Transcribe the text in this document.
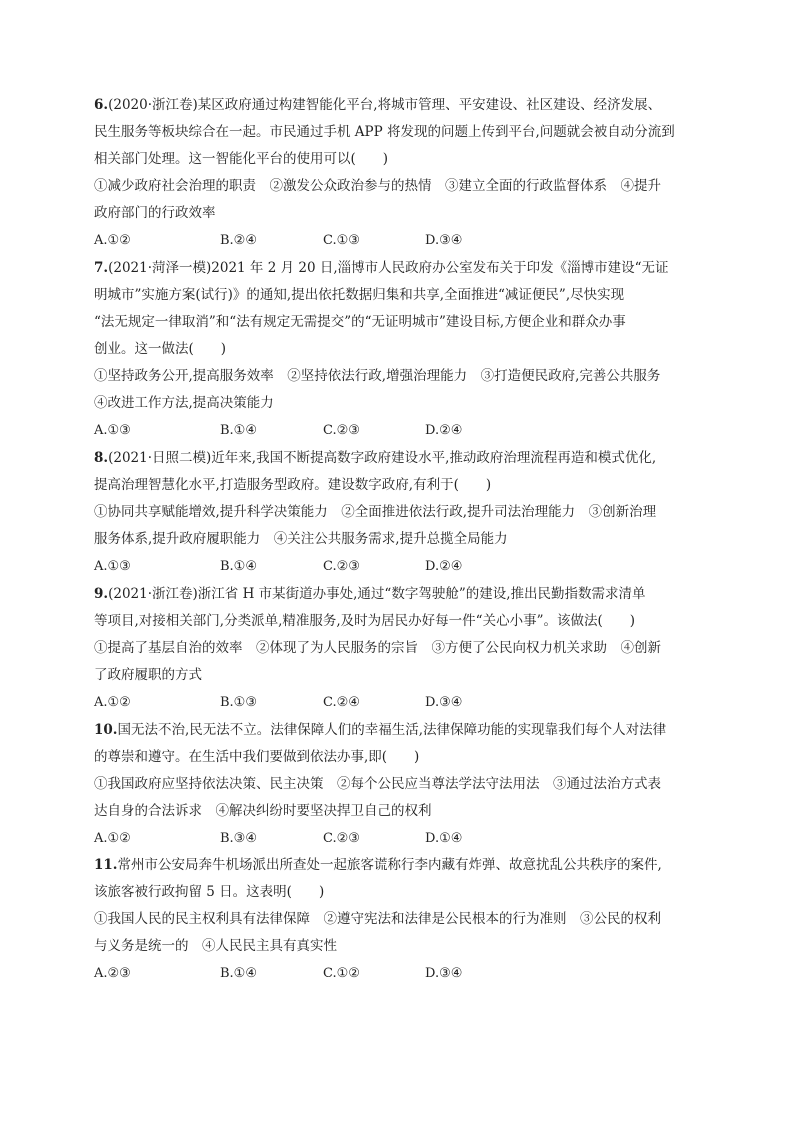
6.(2020·浙江卷)某区政府通过构建智能化平台,将城市管理、平安建设、社区建设、经济发展、
民生服务等板块综合在一起。市民通过手机 APP 将发现的问题上传到平台,问题就会被自动分流到
相关部门处理。这一智能化平台的使用可以(　　)
①减少政府社会治理的职责　②激发公众政治参与的热情　③建立全面的行政监督体系　④提升
政府部门的行政效率
A.①②	B.②④	C.①③	D.③④
7.(2021·菏泽一模)2021 年 2 月 20 日,淄博市人民政府办公室发布关于印发《淄博市建设“无证
明城市”实施方案(试行)》的通知,提出依托数据归集和共享,全面推进“减证便民”,尽快实现
“法无规定一律取消”和“法有规定无需提交”的“无证明城市”建设目标,方便企业和群众办事
创业。这一做法(　　)
①坚持政务公开,提高服务效率　②坚持依法行政,增强治理能力　③打造便民政府,完善公共服务
④改进工作方法,提高决策能力
A.①③	B.①④	C.②③	D.②④
8.(2021·日照二模)近年来,我国不断提高数字政府建设水平,推动政府治理流程再造和模式优化,
提高治理智慧化水平,打造服务型政府。建设数字政府,有利于(　　)
①协同共享赋能增效,提升科学决策能力　②全面推进依法行政,提升司法治理能力　③创新治理
服务体系,提升政府履职能力　④关注公共服务需求,提升总揽全局能力
A.①③	B.①④	C.②③	D.②④
9.(2021·浙江卷)浙江省 H 市某街道办事处,通过“数字驾驶舱”的建设,推出民勤指数需求清单
等项目,对接相关部门,分类派单,精准服务,及时为居民办好每一件“关心小事”。该做法(　　)
①提高了基层自治的效率　②体现了为人民服务的宗旨　③方便了公民向权力机关求助　④创新
了政府履职的方式
A.①②	B.①③	C.②④	D.③④
10.国无法不治,民无法不立。法律保障人们的幸福生活,法律保障功能的实现靠我们每个人对法律
的尊崇和遵守。在生活中我们要做到依法办事,即(　　)
①我国政府应坚持依法决策、民主决策　②每个公民应当尊法学法守法用法　③通过法治方式表
达自身的合法诉求　④解决纠纷时要坚决捍卫自己的权利
A.①②	B.③④	C.②③	D.①④
11.常州市公安局奔牛机场派出所查处一起旅客谎称行李内藏有炸弹、故意扰乱公共秩序的案件,
该旅客被行政拘留 5 日。这表明(　　)
①我国人民的民主权利具有法律保障　②遵守宪法和法律是公民根本的行为准则　③公民的权利
与义务是统一的　④人民民主具有真实性
A.②③	B.①④	C.①②	D.③④
